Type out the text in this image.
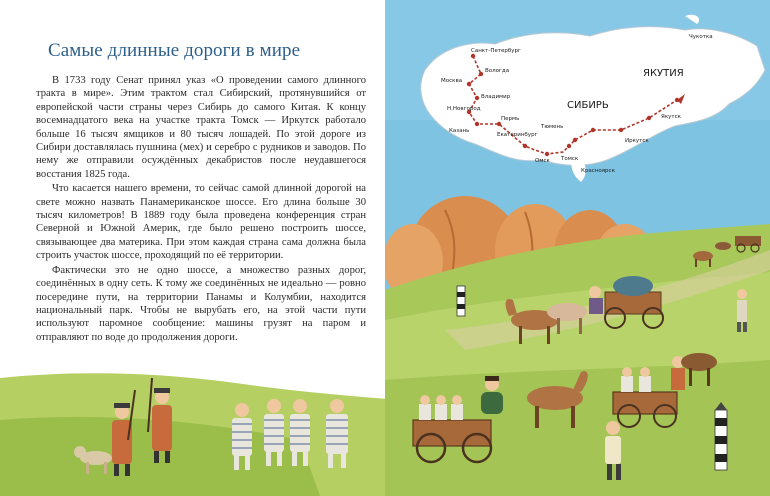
Самые длинные дороги в мире

В 1733 году Сенат принял указ «О проведении самого длинного тракта в мире». Этим трактом стал Сибирский, протянувшийся от европейской части страны через Сибирь до самого Китая. К концу восемнадцатого века на участке тракта Томск — Иркутск работало больше 16 тысяч ямщиков и 80 тысяч лошадей. По этой дороге из Сибири доставлялась пушнина (мех) и серебро с рудников и заводов. По нему же отправили осуждённых декабристов после неудавшегося восстания 1825 года.

Что касается нашего времени, то сейчас самой длинной дорогой на свете можно назвать Панамериканское шоссе. Его длина больше 30 тысяч километров! В 1889 году была проведена конференция стран Северной и Южной Америк, где было решено построить шоссе, связывающее два материка. При этом каждая страна сама должна была строить участок шоссе, проходящий по её территории.

Фактически это не одно шоссе, а множество разных дорог, соединённых в одну сеть. К тому же соединённых не идеально — ровно посередине пути, на территории Панамы и Колумбии, находится национальный парк. Чтобы не вырубать его, на этой части пути используют паромное сообщение: машины грузят на паром и отправляют по воде до продолжения дороги.

СИБИРЬ
ЯКУТИЯ
Санкт-Петербург
Москва
Вологда
Владимир
Н.Новгород
Казань
Пермь
Екатеринбург
Тюмень
Омск Томск
Красноярск
Иркутск
Якутск
Чукотка
